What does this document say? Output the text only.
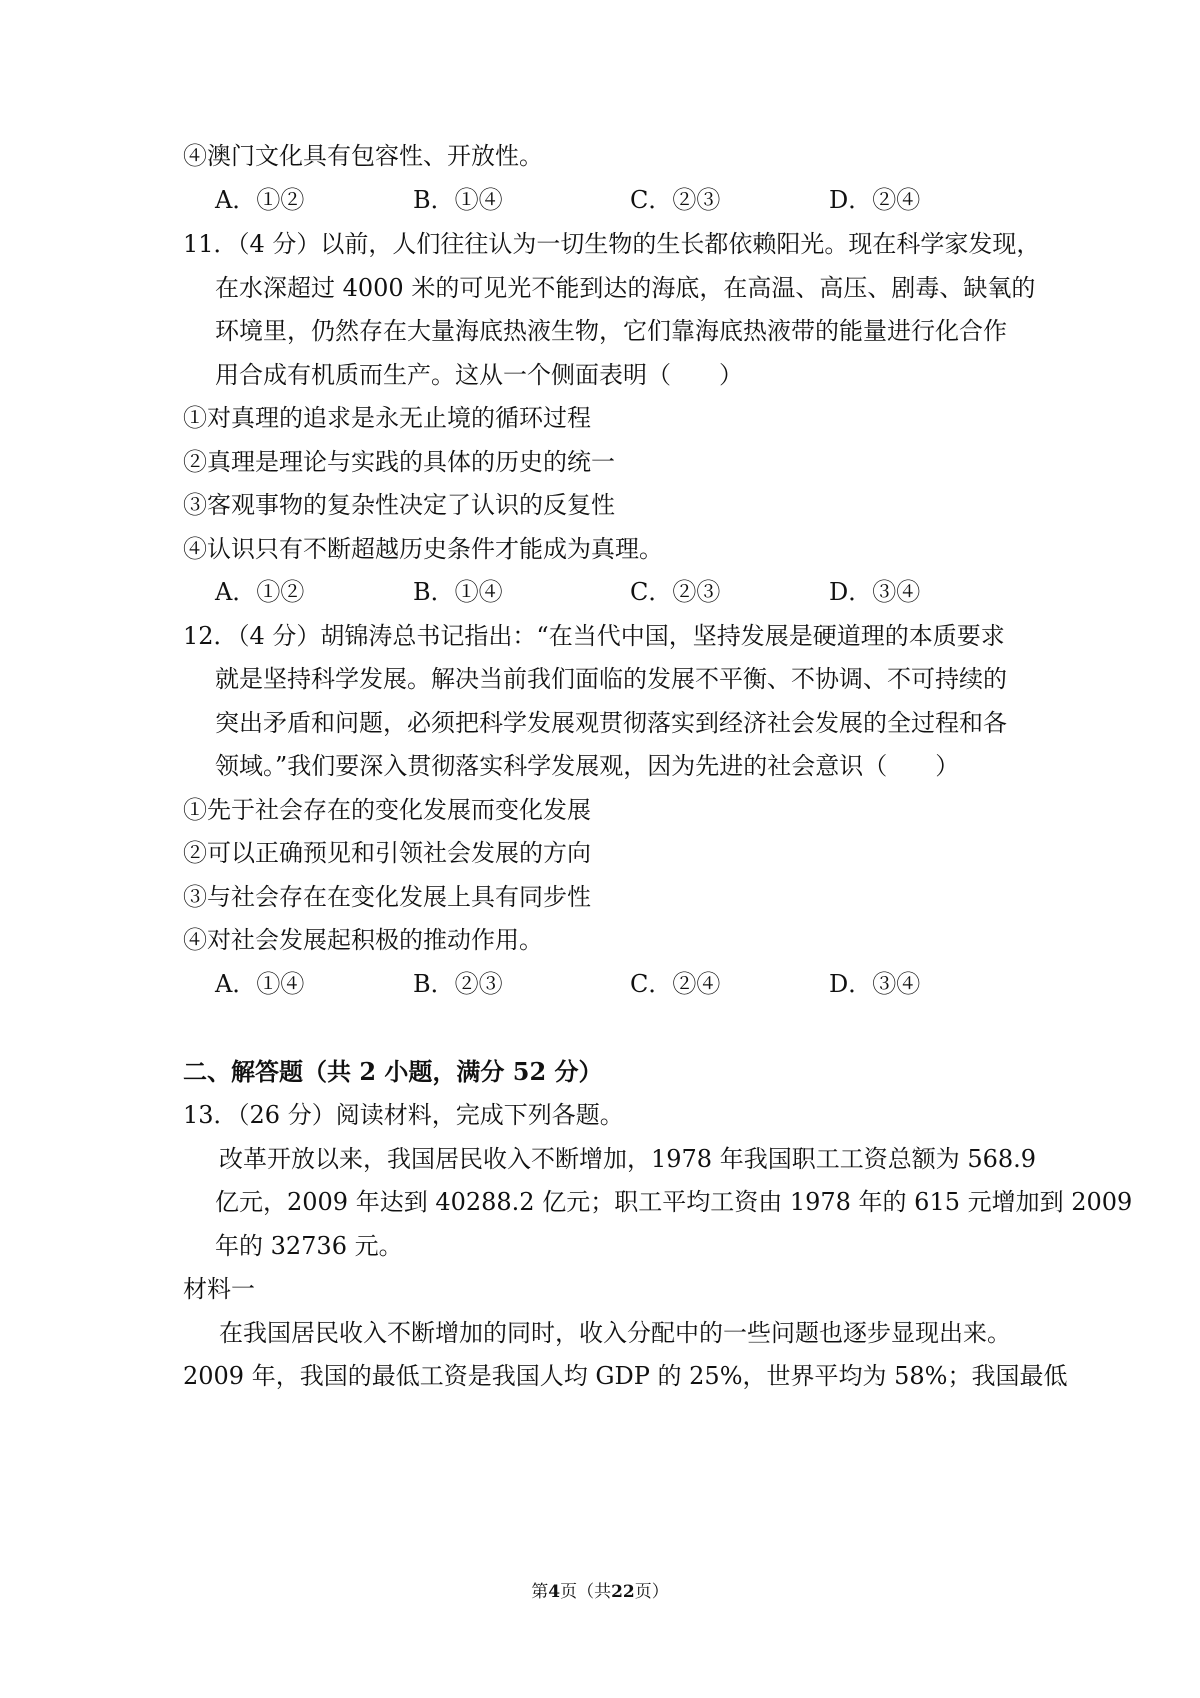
④澳门文化具有包容性、开放性。
A．①②	B．①④	C．②③	D．②④
11．（4 分）以前，人们往往认为一切生物的生长都依赖阳光。现在科学家发现，
在水深超过 4000 米的可见光不能到达的海底，在高温、高压、剧毒、缺氧的
环境里，仍然存在大量海底热液生物，它们靠海底热液带的能量进行化合作
用合成有机质而生产。这从一个侧面表明（　　）
①对真理的追求是永无止境的循环过程
②真理是理论与实践的具体的历史的统一
③客观事物的复杂性决定了认识的反复性
④认识只有不断超越历史条件才能成为真理。
A．①②	B．①④	C．②③	D．③④
12．（4 分）胡锦涛总书记指出：“在当代中国，坚持发展是硬道理的本质要求
就是坚持科学发展。解决当前我们面临的发展不平衡、不协调、不可持续的
突出矛盾和问题，必须把科学发展观贯彻落实到经济社会发展的全过程和各
领域。”我们要深入贯彻落实科学发展观，因为先进的社会意识（　　）
①先于社会存在的变化发展而变化发展
②可以正确预见和引领社会发展的方向
③与社会存在在变化发展上具有同步性
④对社会发展起积极的推动作用。
A．①④	B．②③	C．②④	D．③④
二、解答题（共 2 小题，满分 52 分）
13．（26 分）阅读材料，完成下列各题。
改革开放以来，我国居民收入不断增加，1978 年我国职工工资总额为 568.9
亿元，2009 年达到 40288.2 亿元；职工平均工资由 1978 年的 615 元增加到 2009
年的 32736 元。
材料一
在我国居民收入不断增加的同时，收入分配中的一些问题也逐步显现出来。
2009 年，我国的最低工资是我国人均 GDP 的 25%，世界平均为 58%；我国最低
第4页（共22页）
